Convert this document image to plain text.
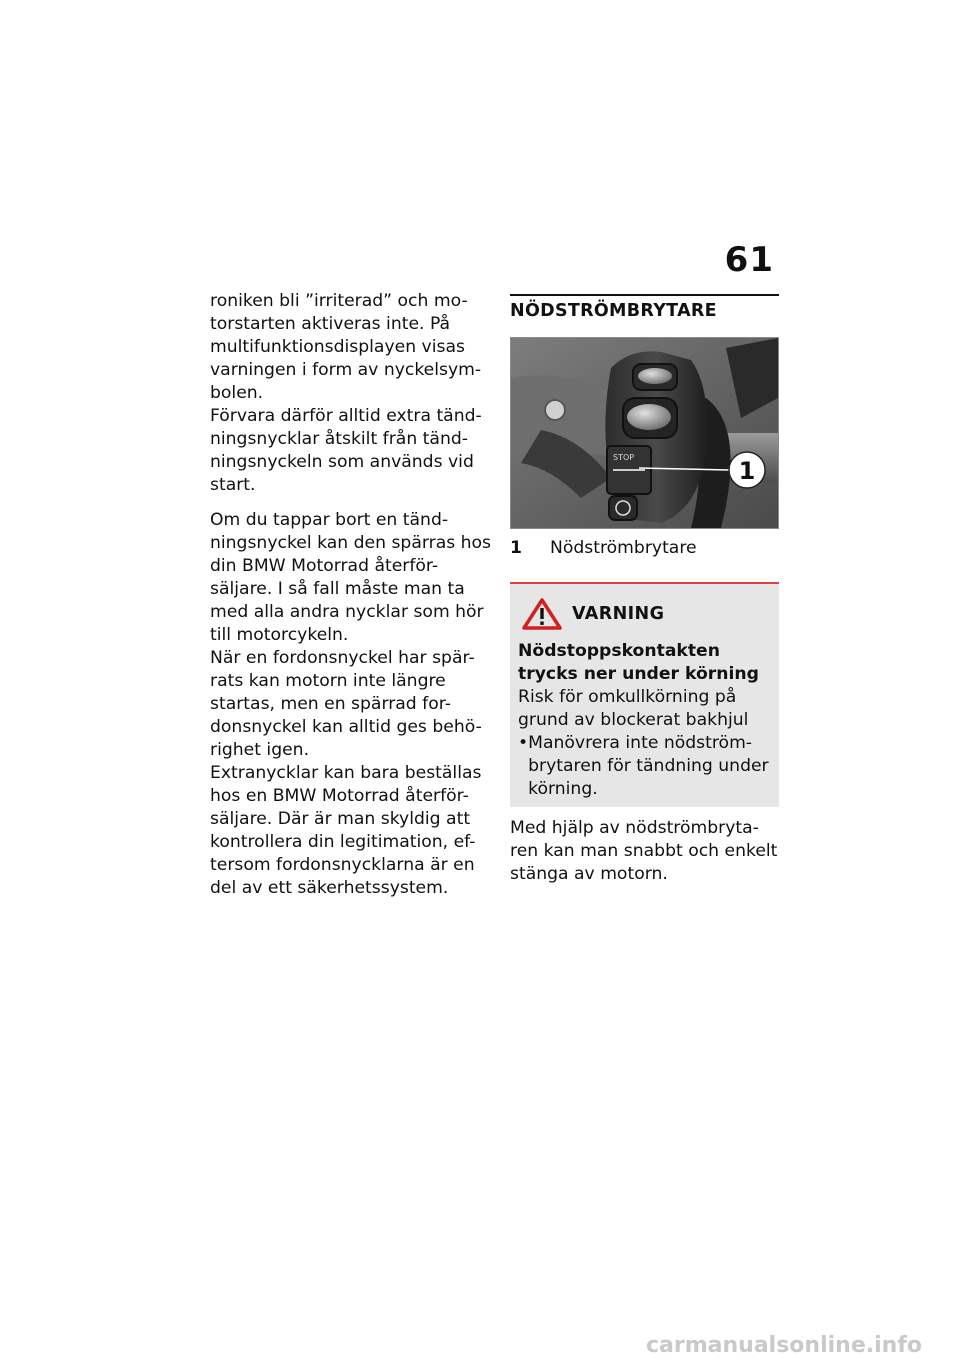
61

roniken bli ”irriterad” och mo-torstarten aktiveras inte. På multifunktionsdisplayen visas varningen i form av nyckelsym-bolen.

Förvara därför alltid extra tänd-ningsnycklar åtskilt från tänd-ningsnyckeln som används vid start.

Om du tappar bort en tänd-ningsnyckel kan den spärras hos din BMW Motorrad återför-säljare. I så fall måste man ta med alla andra nycklar som hör till motorcykeln.

När en fordonsnyckel har spär-rats kan motorn inte längre startas, men en spärrad for-donsnyckel kan alltid ges behö-righet igen.

Extranycklar kan bara beställas hos en BMW Motorrad återför-säljare. Där är man skyldig att kontrollera din legitimation, ef-tersom fordonsnycklarna är en del av ett säkerhetssystem.

NÖDSTRÖMBRYTARE
STOP	1
1	Nödströmbrytare
VARNING
Nödstoppskontakten trycks ner under körning
Risk för omkullkörning på grund av blockerat bakhjul
• Manövrera inte nödström-brytaren för tändning under körning.
Med hjälp av nödströmbryta-ren kan man snabbt och enkelt stänga av motorn.
carmanualsonline.info
